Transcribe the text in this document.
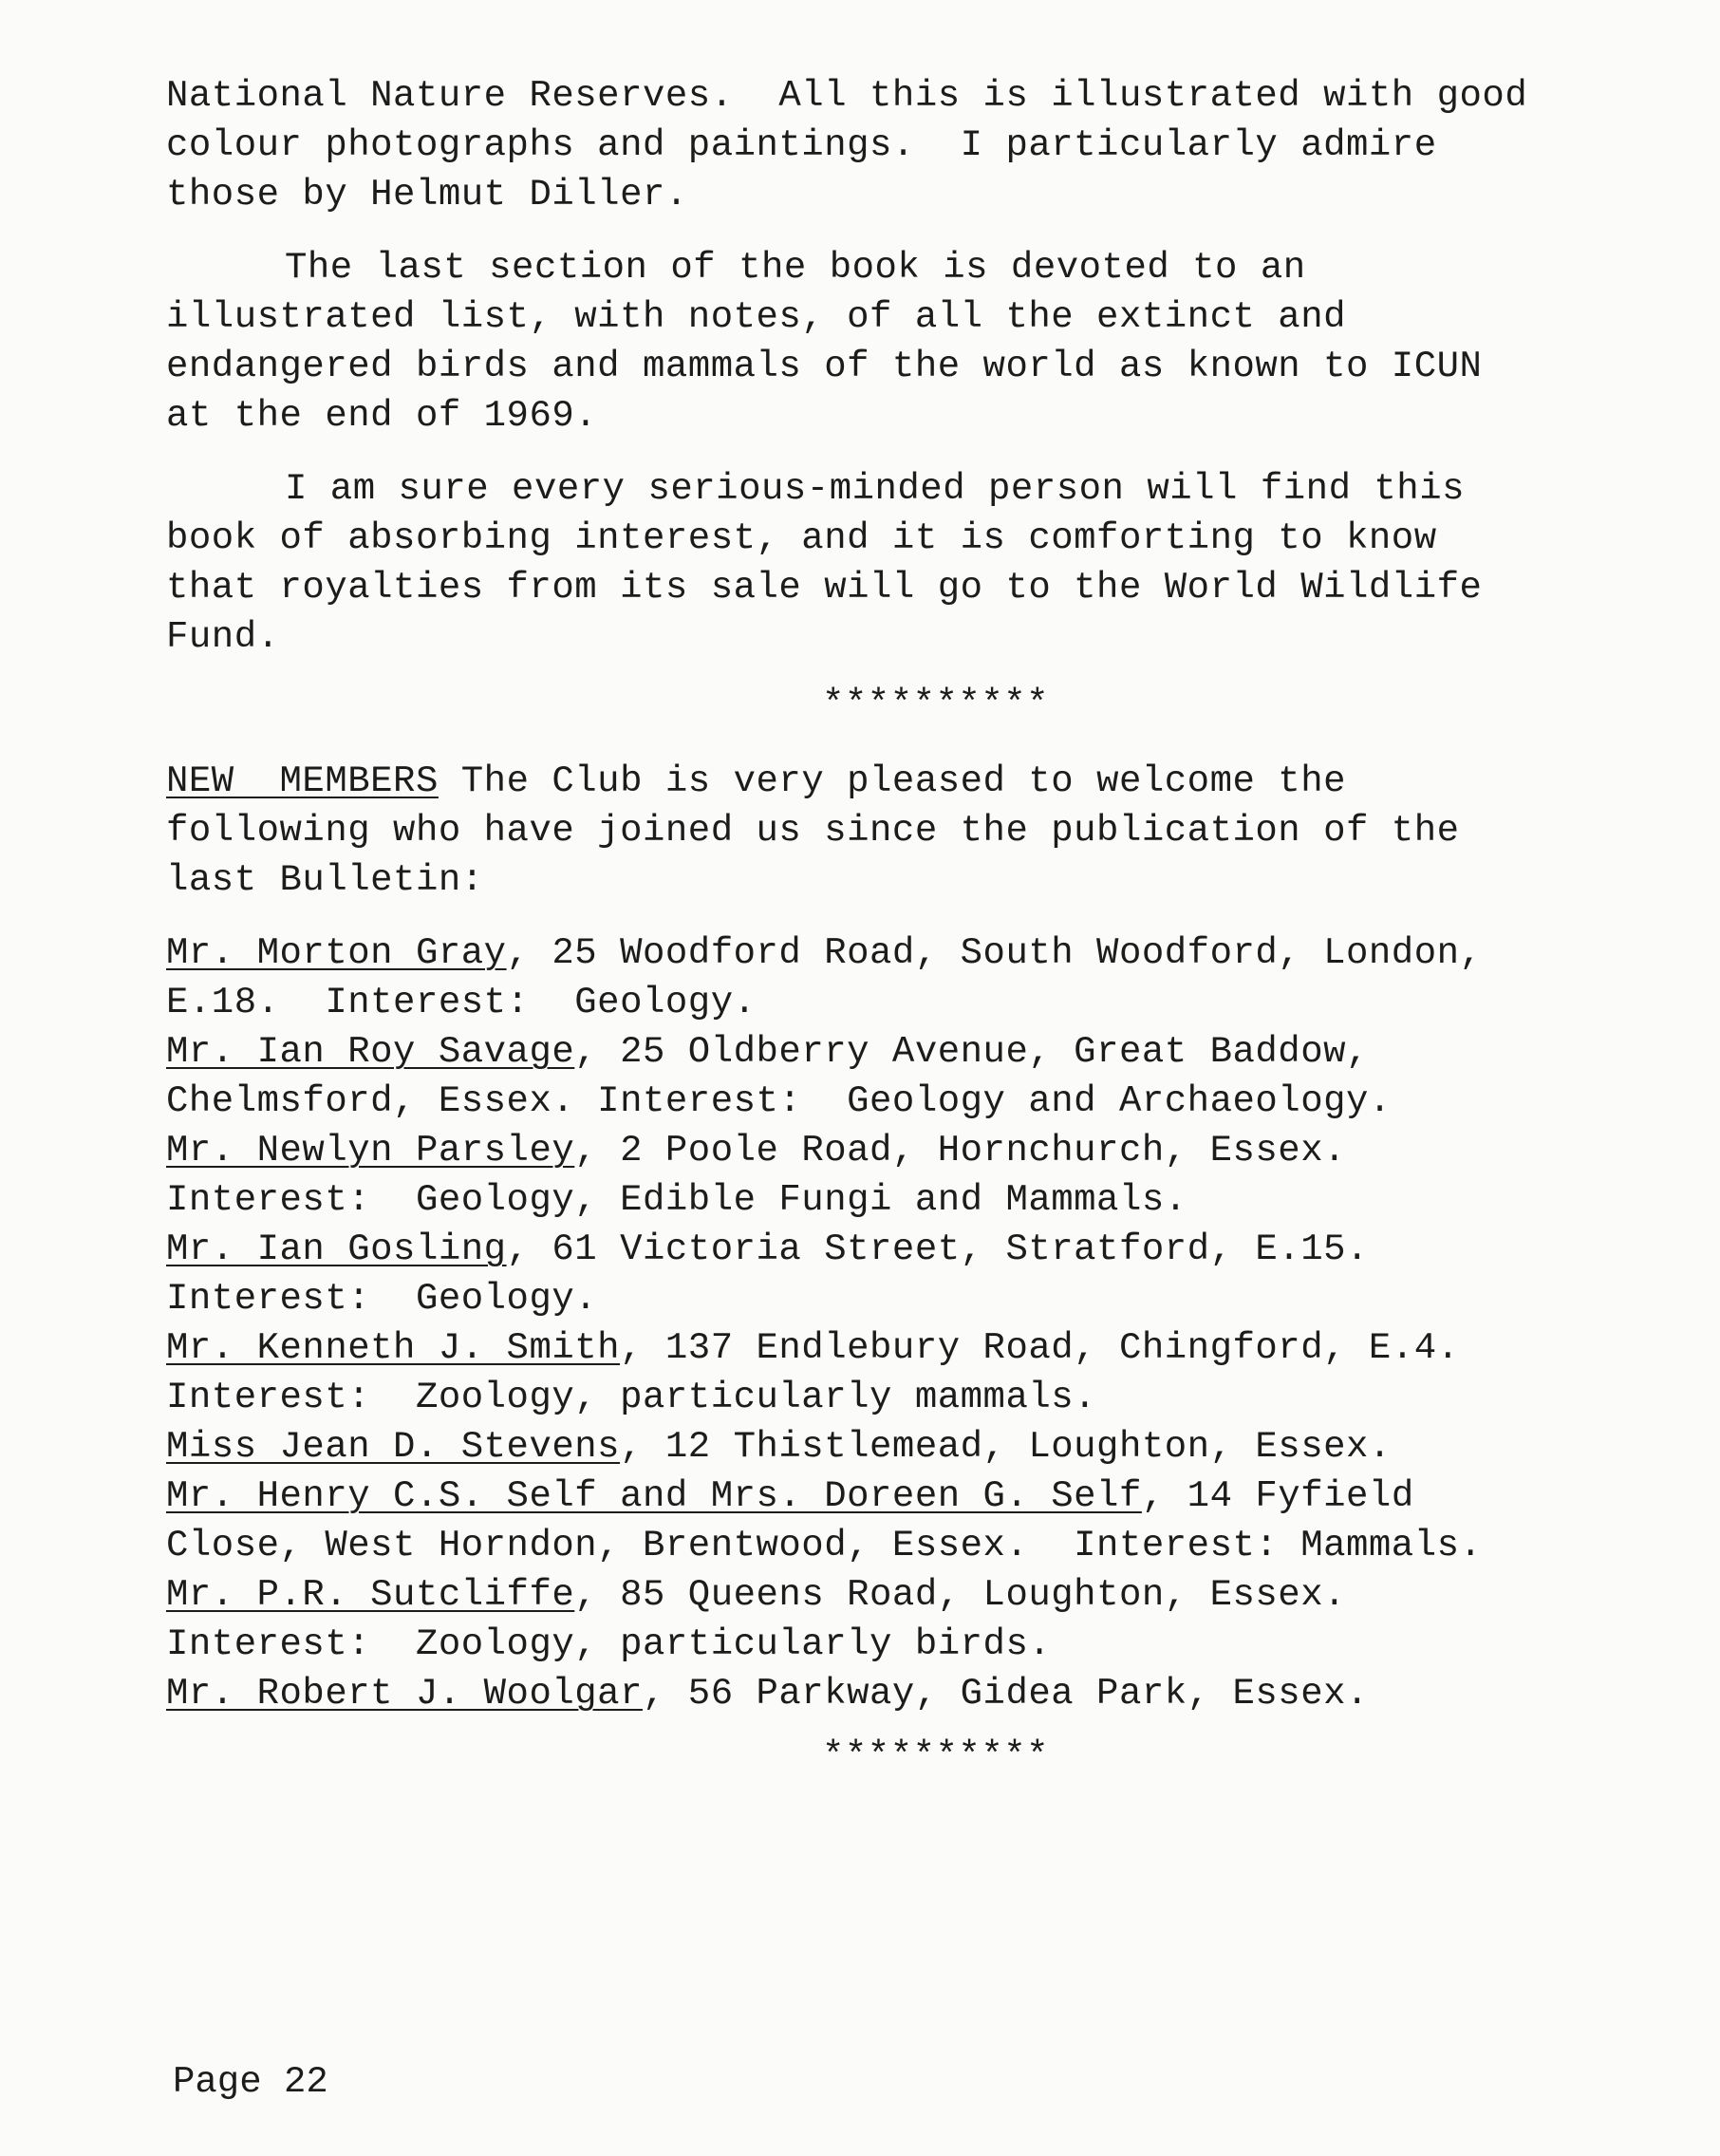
National Nature Reserves.  All this is illustrated with good
colour photographs and paintings.  I particularly admire
those by Helmut Diller.
The last section of the book is devoted to an
illustrated list, with notes, of all the extinct and
endangered birds and mammals of the world as known to ICUN
at the end of 1969.
I am sure every serious-minded person will find this
book of absorbing interest, and it is comforting to know
that royalties from its sale will go to the World Wildlife
Fund.
**********
NEW  MEMBERS The Club is very pleased to welcome the
following who have joined us since the publication of the
last Bulletin:
Mr. Morton Gray, 25 Woodford Road, South Woodford, London,
E.18.  Interest:  Geology.
Mr. Ian Roy Savage, 25 Oldberry Avenue, Great Baddow,
Chelmsford, Essex. Interest:  Geology and Archaeology.
Mr. Newlyn Parsley, 2 Poole Road, Hornchurch, Essex.
Interest:  Geology, Edible Fungi and Mammals.
Mr. Ian Gosling, 61 Victoria Street, Stratford, E.15.
Interest:  Geology.
Mr. Kenneth J. Smith, 137 Endlebury Road, Chingford, E.4.
Interest:  Zoology, particularly mammals.
Miss Jean D. Stevens, 12 Thistlemead, Loughton, Essex.
Mr. Henry C.S. Self and Mrs. Doreen G. Self, 14 Fyfield
Close, West Horndon, Brentwood, Essex.  Interest: Mammals.
Mr. P.R. Sutcliffe, 85 Queens Road, Loughton, Essex.
Interest:  Zoology, particularly birds.
Mr. Robert J. Woolgar, 56 Parkway, Gidea Park, Essex.
**********
Page 22
